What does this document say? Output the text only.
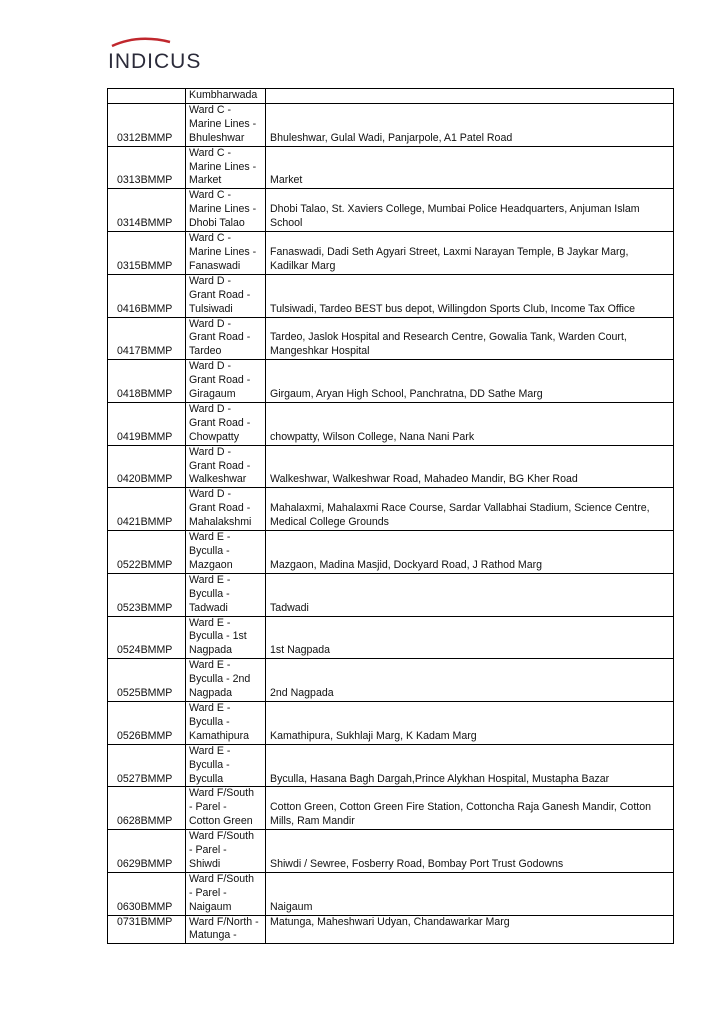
INDICUS

	Kumbharwada	

0312BMMP	Ward C -
Marine Lines -
Bhuleshwar	Bhuleshwar, Gulal Wadi, Panjarpole, A1 Patel Road
0313BMMP	Ward C -
Marine Lines -
Market	Market
0314BMMP	Ward C -
Marine Lines -
Dhobi Talao	Dhobi Talao, St. Xaviers College, Mumbai Police Headquarters, Anjuman Islam School
0315BMMP	Ward C -
Marine Lines -
Fanaswadi	Fanaswadi, Dadi Seth Agyari Street, Laxmi Narayan Temple, B Jaykar Marg, Kadilkar Marg
0416BMMP	Ward D -
Grant Road -
Tulsiwadi	Tulsiwadi, Tardeo BEST bus depot, Willingdon Sports Club, Income Tax Office
0417BMMP	Ward D -
Grant Road -
Tardeo	Tardeo, Jaslok Hospital and Research Centre, Gowalia Tank, Warden Court, Mangeshkar Hospital
0418BMMP	Ward D -
Grant Road -
Giragaum	Girgaum, Aryan High School, Panchratna, DD Sathe Marg
0419BMMP	Ward D -
Grant Road -
Chowpatty	chowpatty, Wilson College, Nana Nani Park
0420BMMP	Ward D -
Grant Road -
Walkeshwar	Walkeshwar, Walkeshwar Road, Mahadeo Mandir, BG Kher Road
0421BMMP	Ward D -
Grant Road -
Mahalakshmi	Mahalaxmi, Mahalaxmi Race Course, Sardar Vallabhai Stadium, Science Centre, Medical College Grounds
0522BMMP	Ward E -
Byculla -
Mazgaon	Mazgaon, Madina Masjid, Dockyard Road, J Rathod Marg
0523BMMP	Ward E -
Byculla -
Tadwadi	Tadwadi
0524BMMP	Ward E -
Byculla - 1st
Nagpada	1st Nagpada
0525BMMP	Ward E -
Byculla - 2nd
Nagpada	2nd Nagpada
0526BMMP	Ward E -
Byculla -
Kamathipura	Kamathipura, Sukhlaji Marg, K Kadam Marg
0527BMMP	Ward E -
Byculla -
Byculla	Byculla, Hasana Bagh Dargah,Prince Alykhan Hospital, Mustapha Bazar
0628BMMP	Ward F/South
- Parel -
Cotton Green	Cotton Green, Cotton Green Fire Station, Cottoncha Raja Ganesh Mandir, Cotton Mills, Ram Mandir
0629BMMP	Ward F/South
- Parel -
Shiwdi	Shiwdi / Sewree, Fosberry Road, Bombay Port Trust Godowns
0630BMMP	Ward F/South
- Parel -
Naigaum	Naigaum
0731BMMP	Ward F/North -
Matunga -	Matunga, Maheshwari Udyan, Chandawarkar Marg
